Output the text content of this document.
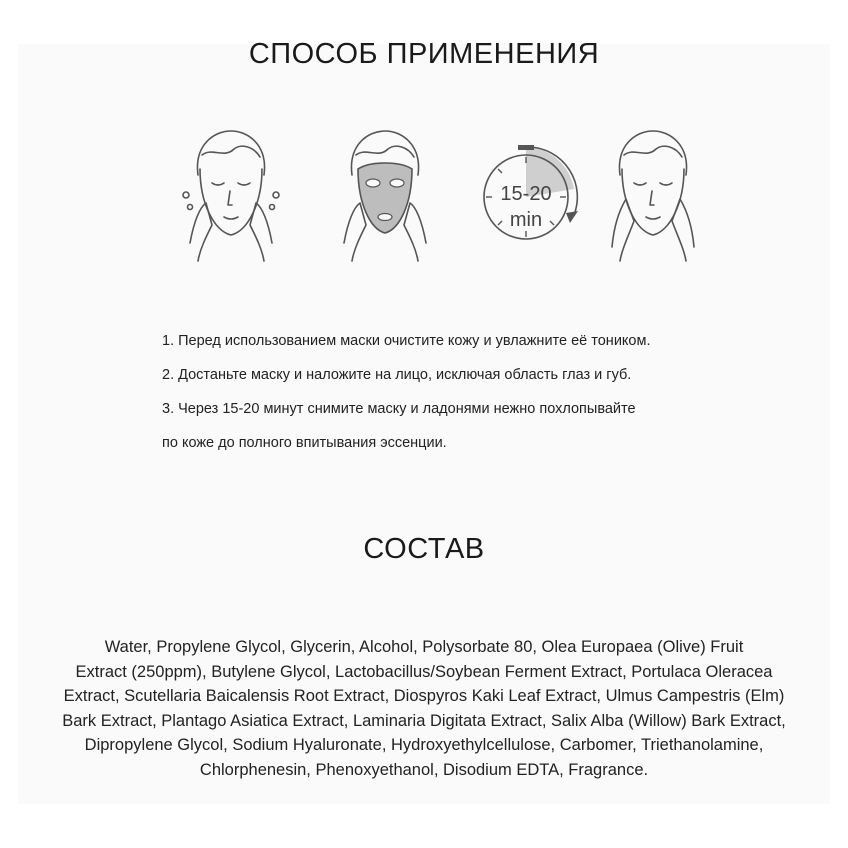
СПОСОБ ПРИМЕНЕНИЯ
15-20
min
1. Перед использованием маски очистите кожу и увлажните её тоником.
2. Достаньте маску и наложите на лицо, исключая область глаз и губ.
3. Через 15-20 минут снимите маску и ладонями нежно похлопывайте
по коже до полного впитывания эссенции.
СОСТАВ
Water, Propylene Glycol, Glycerin, Alcohol, Polysorbate 80, Olea Europaea (Olive) Fruit
Extract (250ppm), Butylene Glycol, Lactobacillus/Soybean Ferment Extract, Portulaca Oleracea
Extract, Scutellaria Baicalensis Root Extract, Diospyros Kaki Leaf Extract, Ulmus Campestris (Elm)
Bark Extract, Plantago Asiatica Extract, Laminaria Digitata Extract, Salix Alba (Willow) Bark Extract,
Dipropylene Glycol, Sodium Hyaluronate, Hydroxyethylcellulose, Carbomer, Triethanolamine,
Chlorphenesin, Phenoxyethanol, Disodium EDTA, Fragrance.
